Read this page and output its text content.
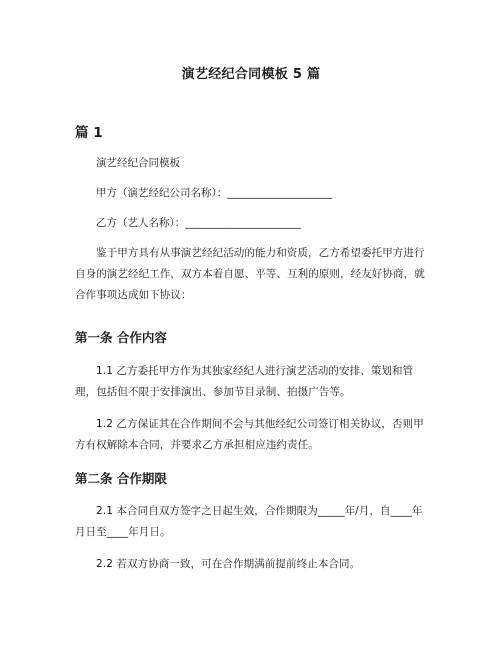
演艺经纪合同模板 5 篇
篇 1
演艺经纪合同模板
甲方（演艺经纪公司名称）：____________________
乙方（艺人名称）：______________________
鉴于甲方具有从事演艺经纪活动的能力和资质，乙方希望委托甲方进行自身的演艺经纪工作，双方本着自愿、平等、互利的原则，经友好协商，就合作事项达成如下协议：
第一条 合作内容
1.1 乙方委托甲方作为其独家经纪人进行演艺活动的安排、策划和管理，包括但不限于安排演出、参加节目录制、拍摄广告等。
1.2 乙方保证其在合作期间不会与其他经纪公司签订相关协议，否则甲方有权解除本合同，并要求乙方承担相应违约责任。
第二条 合作期限
2.1 本合同自双方签字之日起生效，合作期限为_____年/月，自____年月日至____年月日。
2.2 若双方协商一致，可在合作期满前提前终止本合同。
